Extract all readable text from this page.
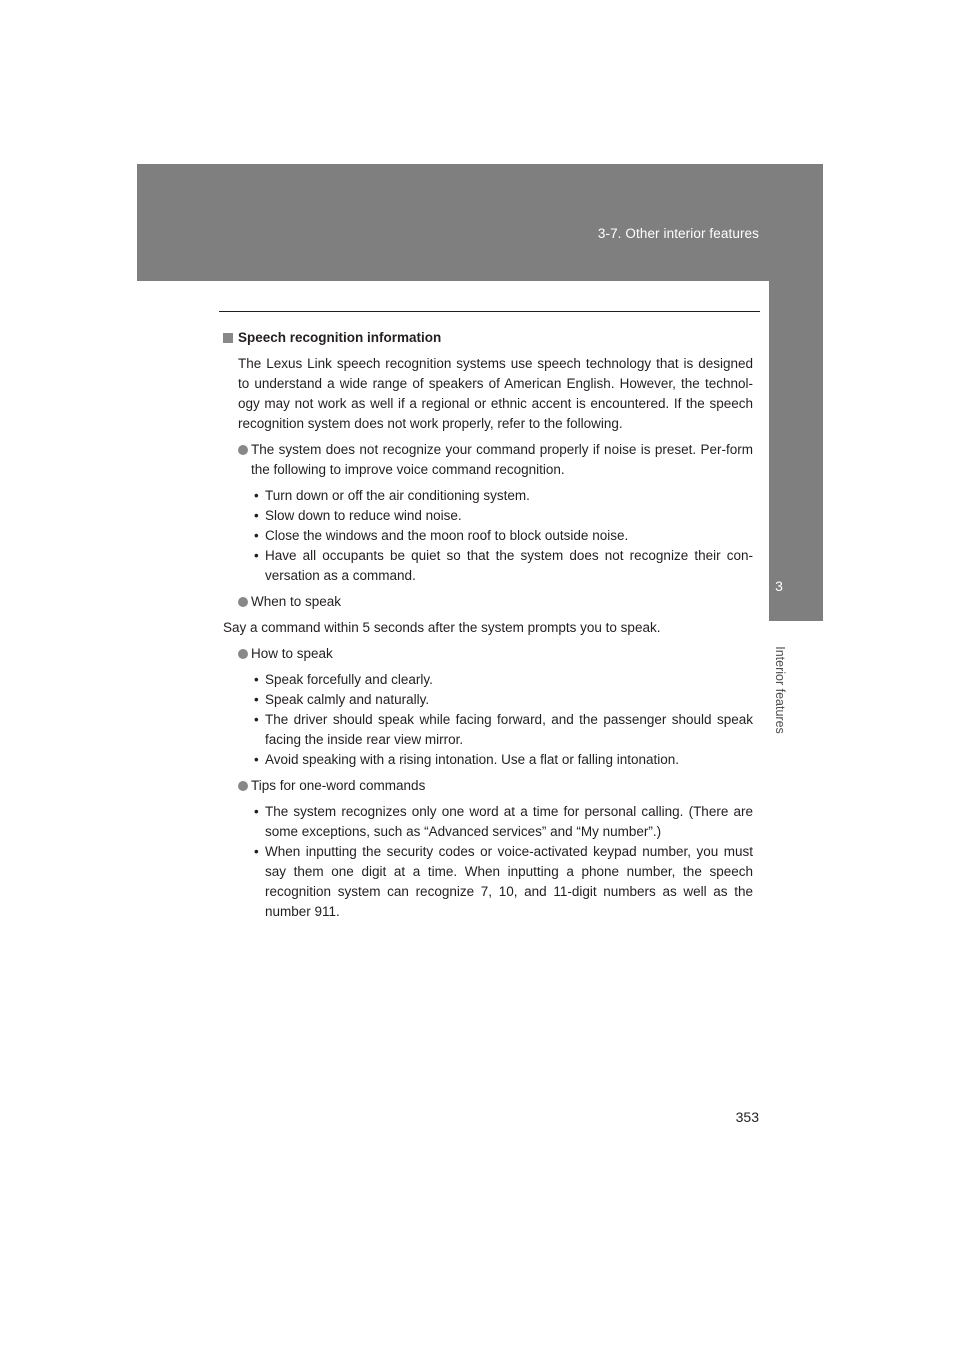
3-7. Other interior features
3
Interior features
Speech recognition information

The Lexus Link speech recognition systems use speech technology that is designed to understand a wide range of speakers of American English. However, the technol-ogy may not work as well if a regional or ethnic accent is encountered. If the speech recognition system does not work properly, refer to the following.

The system does not recognize your command properly if noise is preset. Per-form the following to improve voice command recognition.
• Turn down or off the air conditioning system.
• Slow down to reduce wind noise.
• Close the windows and the moon roof to block outside noise.
• Have all occupants be quiet so that the system does not recognize their con-versation as a command.
When to speak

Say a command within 5 seconds after the system prompts you to speak.

How to speak
• Speak forcefully and clearly.
• Speak calmly and naturally.
• The driver should speak while facing forward, and the passenger should speak facing the inside rear view mirror.
• Avoid speaking with a rising intonation. Use a flat or falling intonation.
Tips for one-word commands
• The system recognizes only one word at a time for personal calling. (There are some exceptions, such as “Advanced services” and “My number”.)
• When inputting the security codes or voice-activated keypad number, you must say them one digit at a time. When inputting a phone number, the speech recognition system can recognize 7, 10, and 11-digit numbers as well as the number 911.
353
